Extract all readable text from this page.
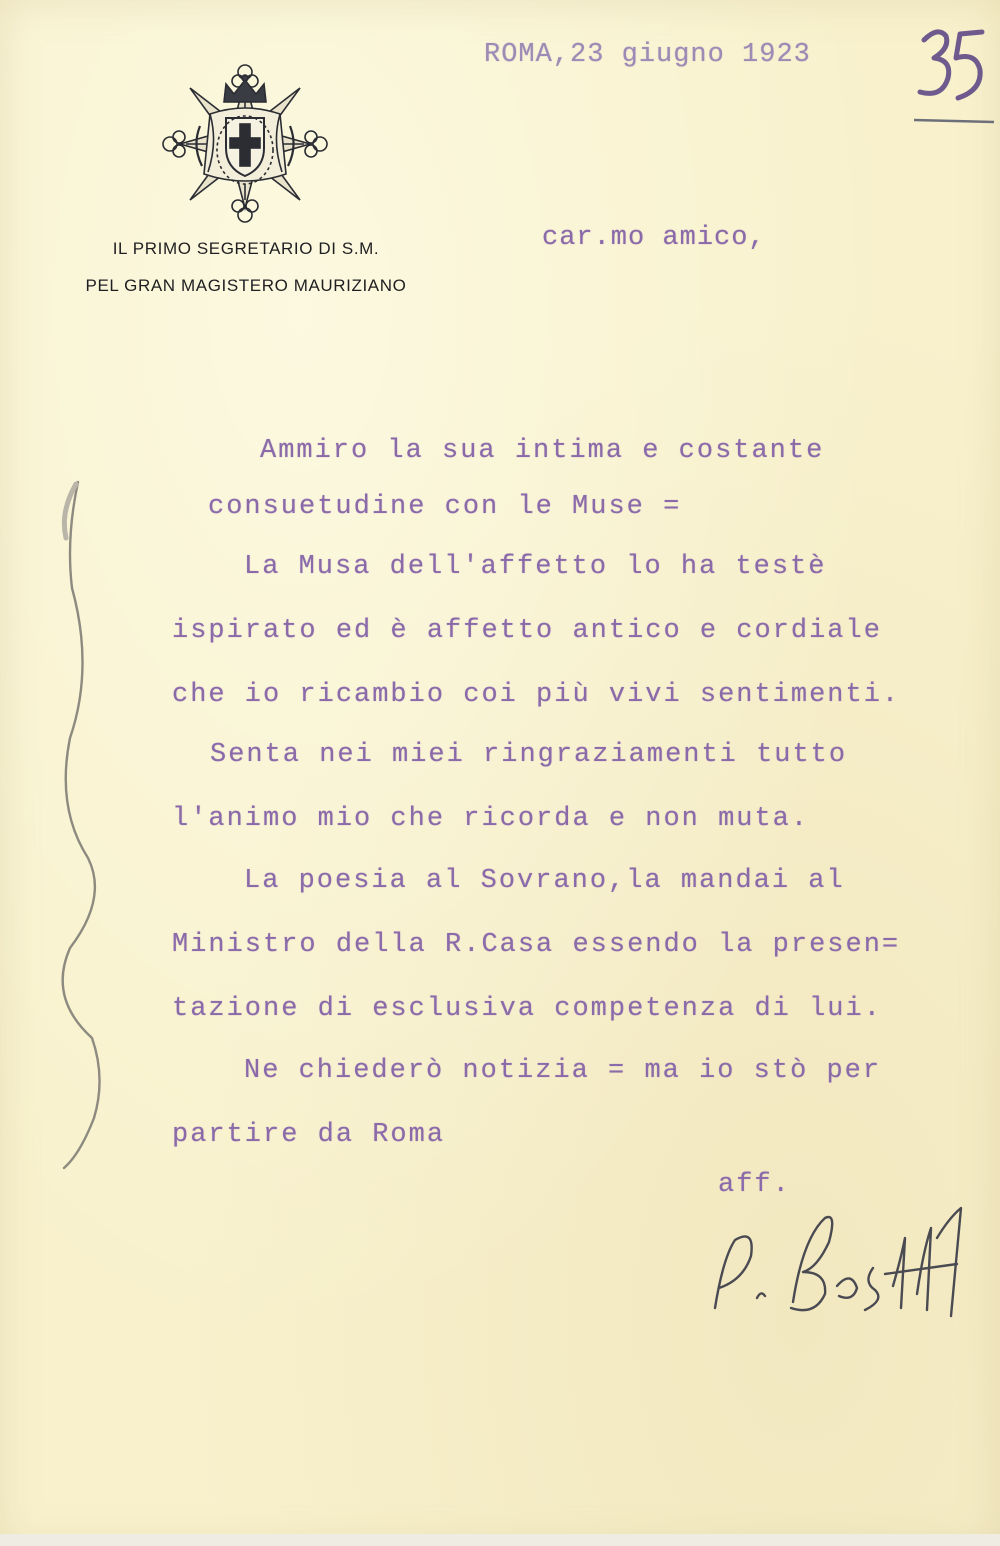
IL PRIMO SEGRETARIO DI S.M.
PEL GRAN MAGISTERO MAURIZIANO

ROMA,23 giugno 1923

car.mo amico,

Ammiro la sua intima e costante

consuetudine con le Muse =

La Musa dell'affetto lo ha testè

ispirato ed è affetto antico e cordiale

che io ricambio coi più vivi sentimenti.

Senta nei miei ringraziamenti tutto

l'animo mio che ricorda e non muta.

La poesia al Sovrano,la mandai al

Ministro della R.Casa essendo la presen=

tazione di esclusiva competenza di lui.

Ne chiederò notizia = ma io stò per

partire da Roma

aff.
